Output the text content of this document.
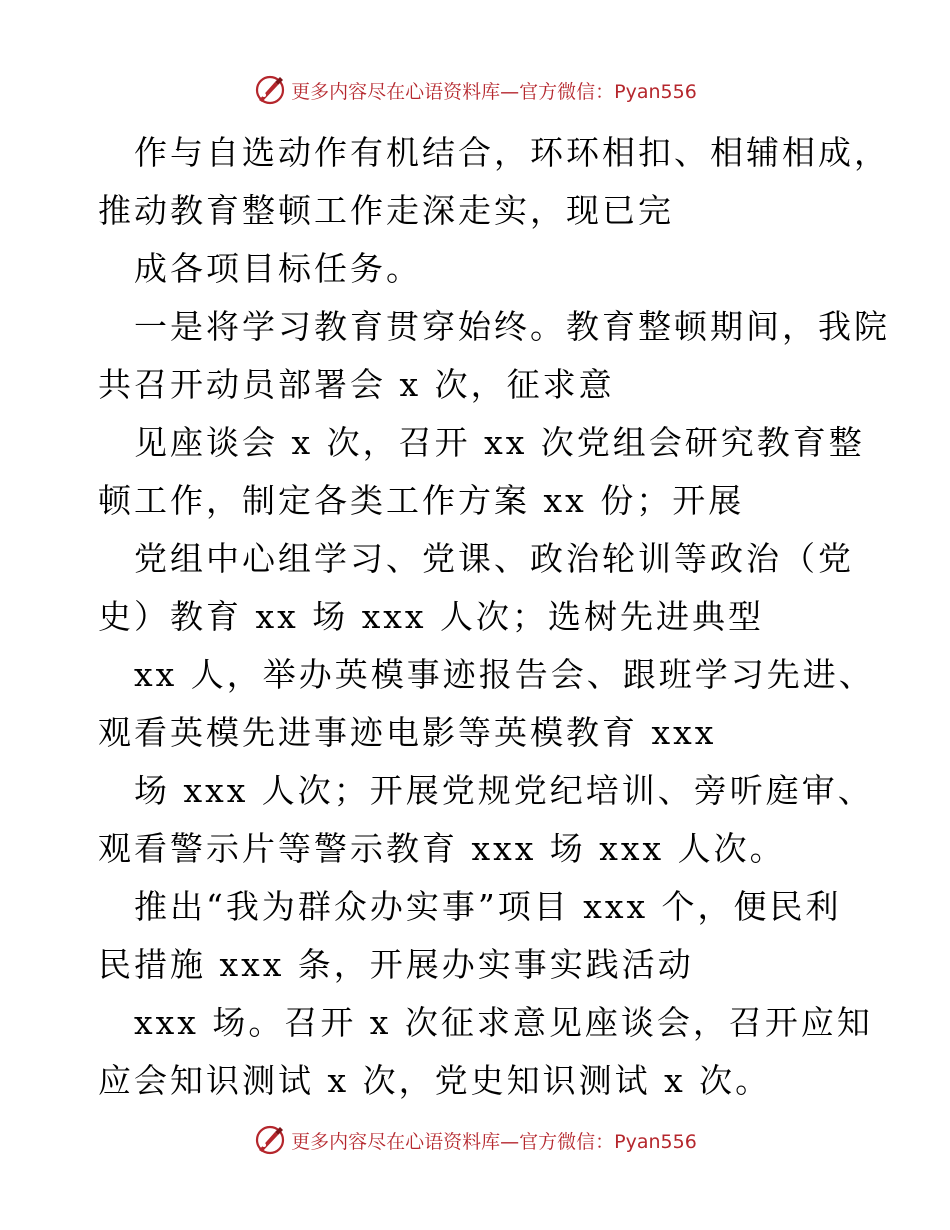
更多内容尽在心语资料库—官方微信：Pyan556
作与自选动作有机结合，环环相扣、相辅相成，
推动教育整顿工作走深走实，现已完
成各项目标任务。
一是将学习教育贯穿始终。教育整顿期间，我院
共召开动员部署会 x 次，征求意
见座谈会 x 次，召开 xx 次党组会研究教育整
顿工作，制定各类工作方案 xx 份；开展
党组中心组学习、党课、政治轮训等政治（党
史）教育 xx 场 xxx 人次；选树先进典型
xx 人，举办英模事迹报告会、跟班学习先进、
观看英模先进事迹电影等英模教育 xxx
场 xxx 人次；开展党规党纪培训、旁听庭审、
观看警示片等警示教育 xxx 场 xxx 人次。
推出“我为群众办实事”项目 xxx 个，便民利
民措施 xxx 条，开展办实事实践活动
xxx 场。召开 x 次征求意见座谈会，召开应知
应会知识测试 x 次，党史知识测试 x 次。
更多内容尽在心语资料库—官方微信：Pyan556
